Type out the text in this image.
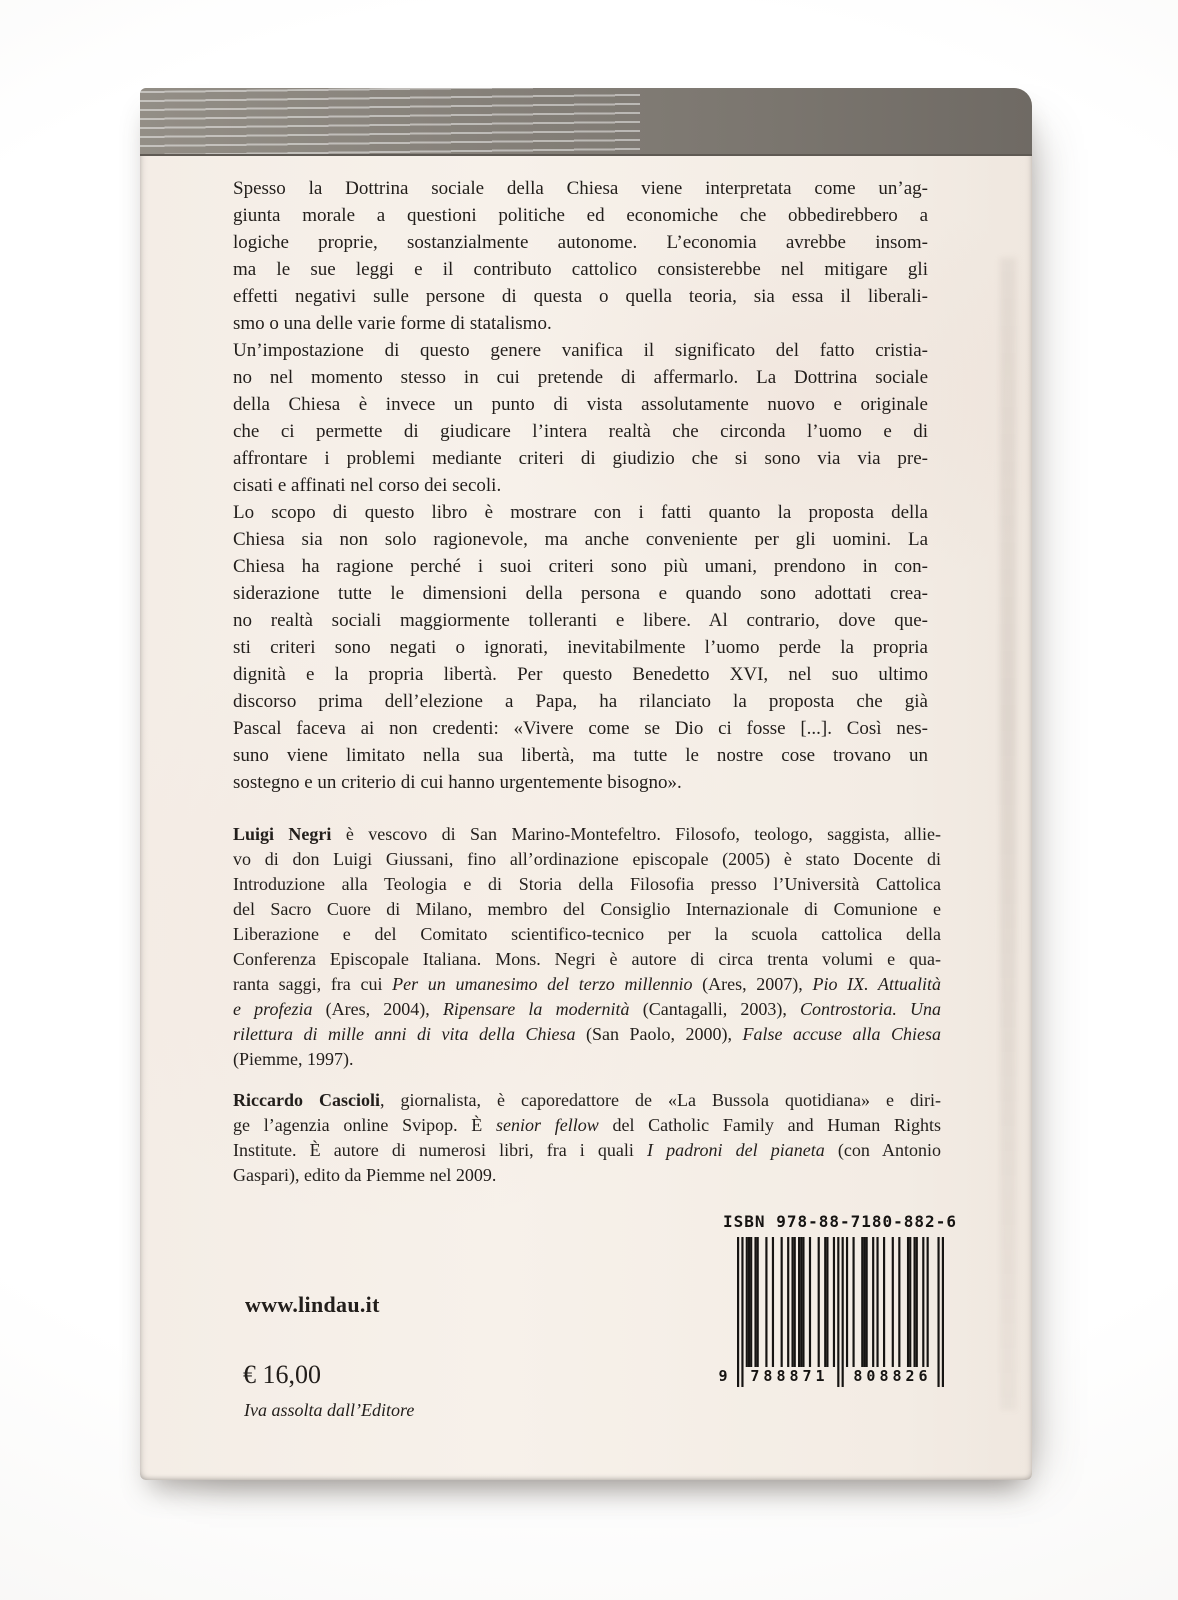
Spesso la Dottrina sociale della Chiesa viene interpretata come un’ag-
giunta morale a questioni politiche ed economiche che obbedirebbero a
logiche proprie, sostanzialmente autonome. L’economia avrebbe insom-
ma le sue leggi e il contributo cattolico consisterebbe nel mitigare gli
effetti negativi sulle persone di questa o quella teoria, sia essa il liberali-
smo o una delle varie forme di statalismo.
Un’impostazione di questo genere vanifica il significato del fatto cristia-
no nel momento stesso in cui pretende di affermarlo. La Dottrina sociale
della Chiesa è invece un punto di vista assolutamente nuovo e originale
che ci permette di giudicare l’intera realtà che circonda l’uomo e di
affrontare i problemi mediante criteri di giudizio che si sono via via pre-
cisati e affinati nel corso dei secoli.
Lo scopo di questo libro è mostrare con i fatti quanto la proposta della
Chiesa sia non solo ragionevole, ma anche conveniente per gli uomini. La
Chiesa ha ragione perché i suoi criteri sono più umani, prendono in con-
siderazione tutte le dimensioni della persona e quando sono adottati crea-
no realtà sociali maggiormente tolleranti e libere. Al contrario, dove que-
sti criteri sono negati o ignorati, inevitabilmente l’uomo perde la propria
dignità e la propria libertà. Per questo Benedetto XVI, nel suo ultimo
discorso prima dell’elezione a Papa, ha rilanciato la proposta che già
Pascal faceva ai non credenti: «Vivere come se Dio ci fosse [...]. Così nes-
suno viene limitato nella sua libertà, ma tutte le nostre cose trovano un
sostegno e un criterio di cui hanno urgentemente bisogno».
Luigi Negri è vescovo di San Marino-Montefeltro. Filosofo, teologo, saggista, allie-
vo di don Luigi Giussani, fino all’ordinazione episcopale (2005) è stato Docente di
Introduzione alla Teologia e di Storia della Filosofia presso l’Università Cattolica
del Sacro Cuore di Milano, membro del Consiglio Internazionale di Comunione e
Liberazione e del Comitato scientifico-tecnico per la scuola cattolica della
Conferenza Episcopale Italiana. Mons. Negri è autore di circa trenta volumi e qua-
ranta saggi, fra cui Per un umanesimo del terzo millennio (Ares, 2007), Pio IX. Attualità
e profezia (Ares, 2004), Ripensare la modernità (Cantagalli, 2003), Controstoria. Una
rilettura di mille anni di vita della Chiesa (San Paolo, 2000), False accuse alla Chiesa
(Piemme, 1997).
Riccardo Cascioli, giornalista, è caporedattore de «La Bussola quotidiana» e diri-
ge l’agenzia online Svipop. È senior fellow del Catholic Family and Human Rights
Institute. È autore di numerosi libri, fra i quali I padroni del pianeta (con Antonio
Gaspari), edito da Piemme nel 2009.
ISBN 978-88-7180-882-6
9	788871	808826
www.lindau.it
€ 16,00
Iva assolta dall’Editore
